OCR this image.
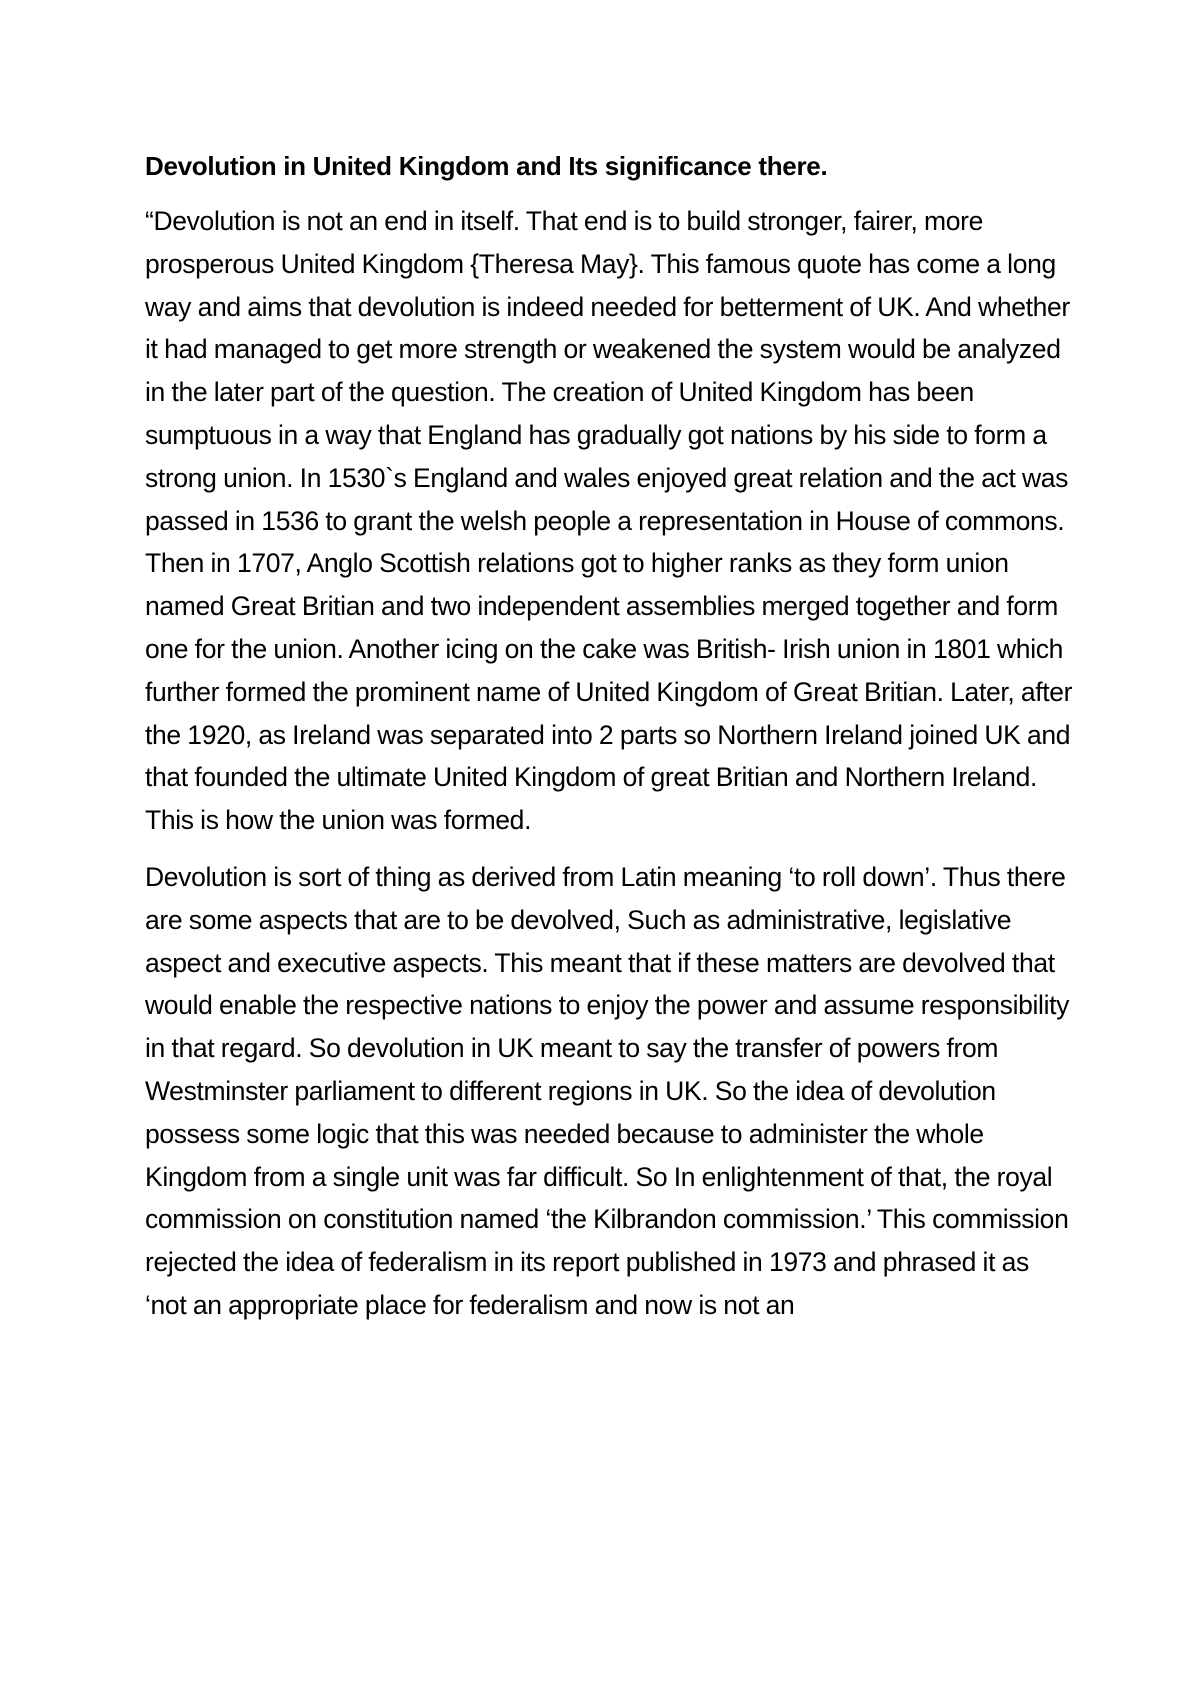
Devolution in United Kingdom and Its significance there.

“Devolution is not an end in itself. That end is to build stronger, fairer, more prosperous United Kingdom {Theresa May}. This famous quote has come a long way and aims that devolution is indeed needed for betterment of UK. And whether it had managed to get more strength or weakened the system would be analyzed in the later part of the question. The creation of United Kingdom has been sumptuous in a way that England has gradually got nations by his side to form a strong union. In 1530`s England and wales enjoyed great relation and the act was passed in 1536 to grant the welsh people a representation in House of commons. Then in 1707, Anglo Scottish relations got to higher ranks as they form union named Great Britian and two independent assemblies merged together and form one for the union. Another icing on the cake was British- Irish union in 1801 which further formed the prominent name of United Kingdom of Great Britian. Later, after the 1920, as Ireland was separated into 2 parts so Northern Ireland joined UK and that founded the ultimate United Kingdom of great Britian and Northern Ireland. This is how the union was formed.

Devolution is sort of thing as derived from Latin meaning ‘to roll down’. Thus there are some aspects that are to be devolved, Such as administrative, legislative aspect and executive aspects. This meant that if these matters are devolved that would enable the respective nations to enjoy the power and assume responsibility in that regard. So devolution in UK meant to say the transfer of powers from Westminster parliament to different regions in UK. So the idea of devolution possess some logic that this was needed because to administer the whole Kingdom from a single unit was far difficult. So In enlightenment of that, the royal commission on constitution named ‘the Kilbrandon commission.’ This commission rejected the idea of federalism in its report published in 1973 and phrased it as ‘not an appropriate place for federalism and now is not an
